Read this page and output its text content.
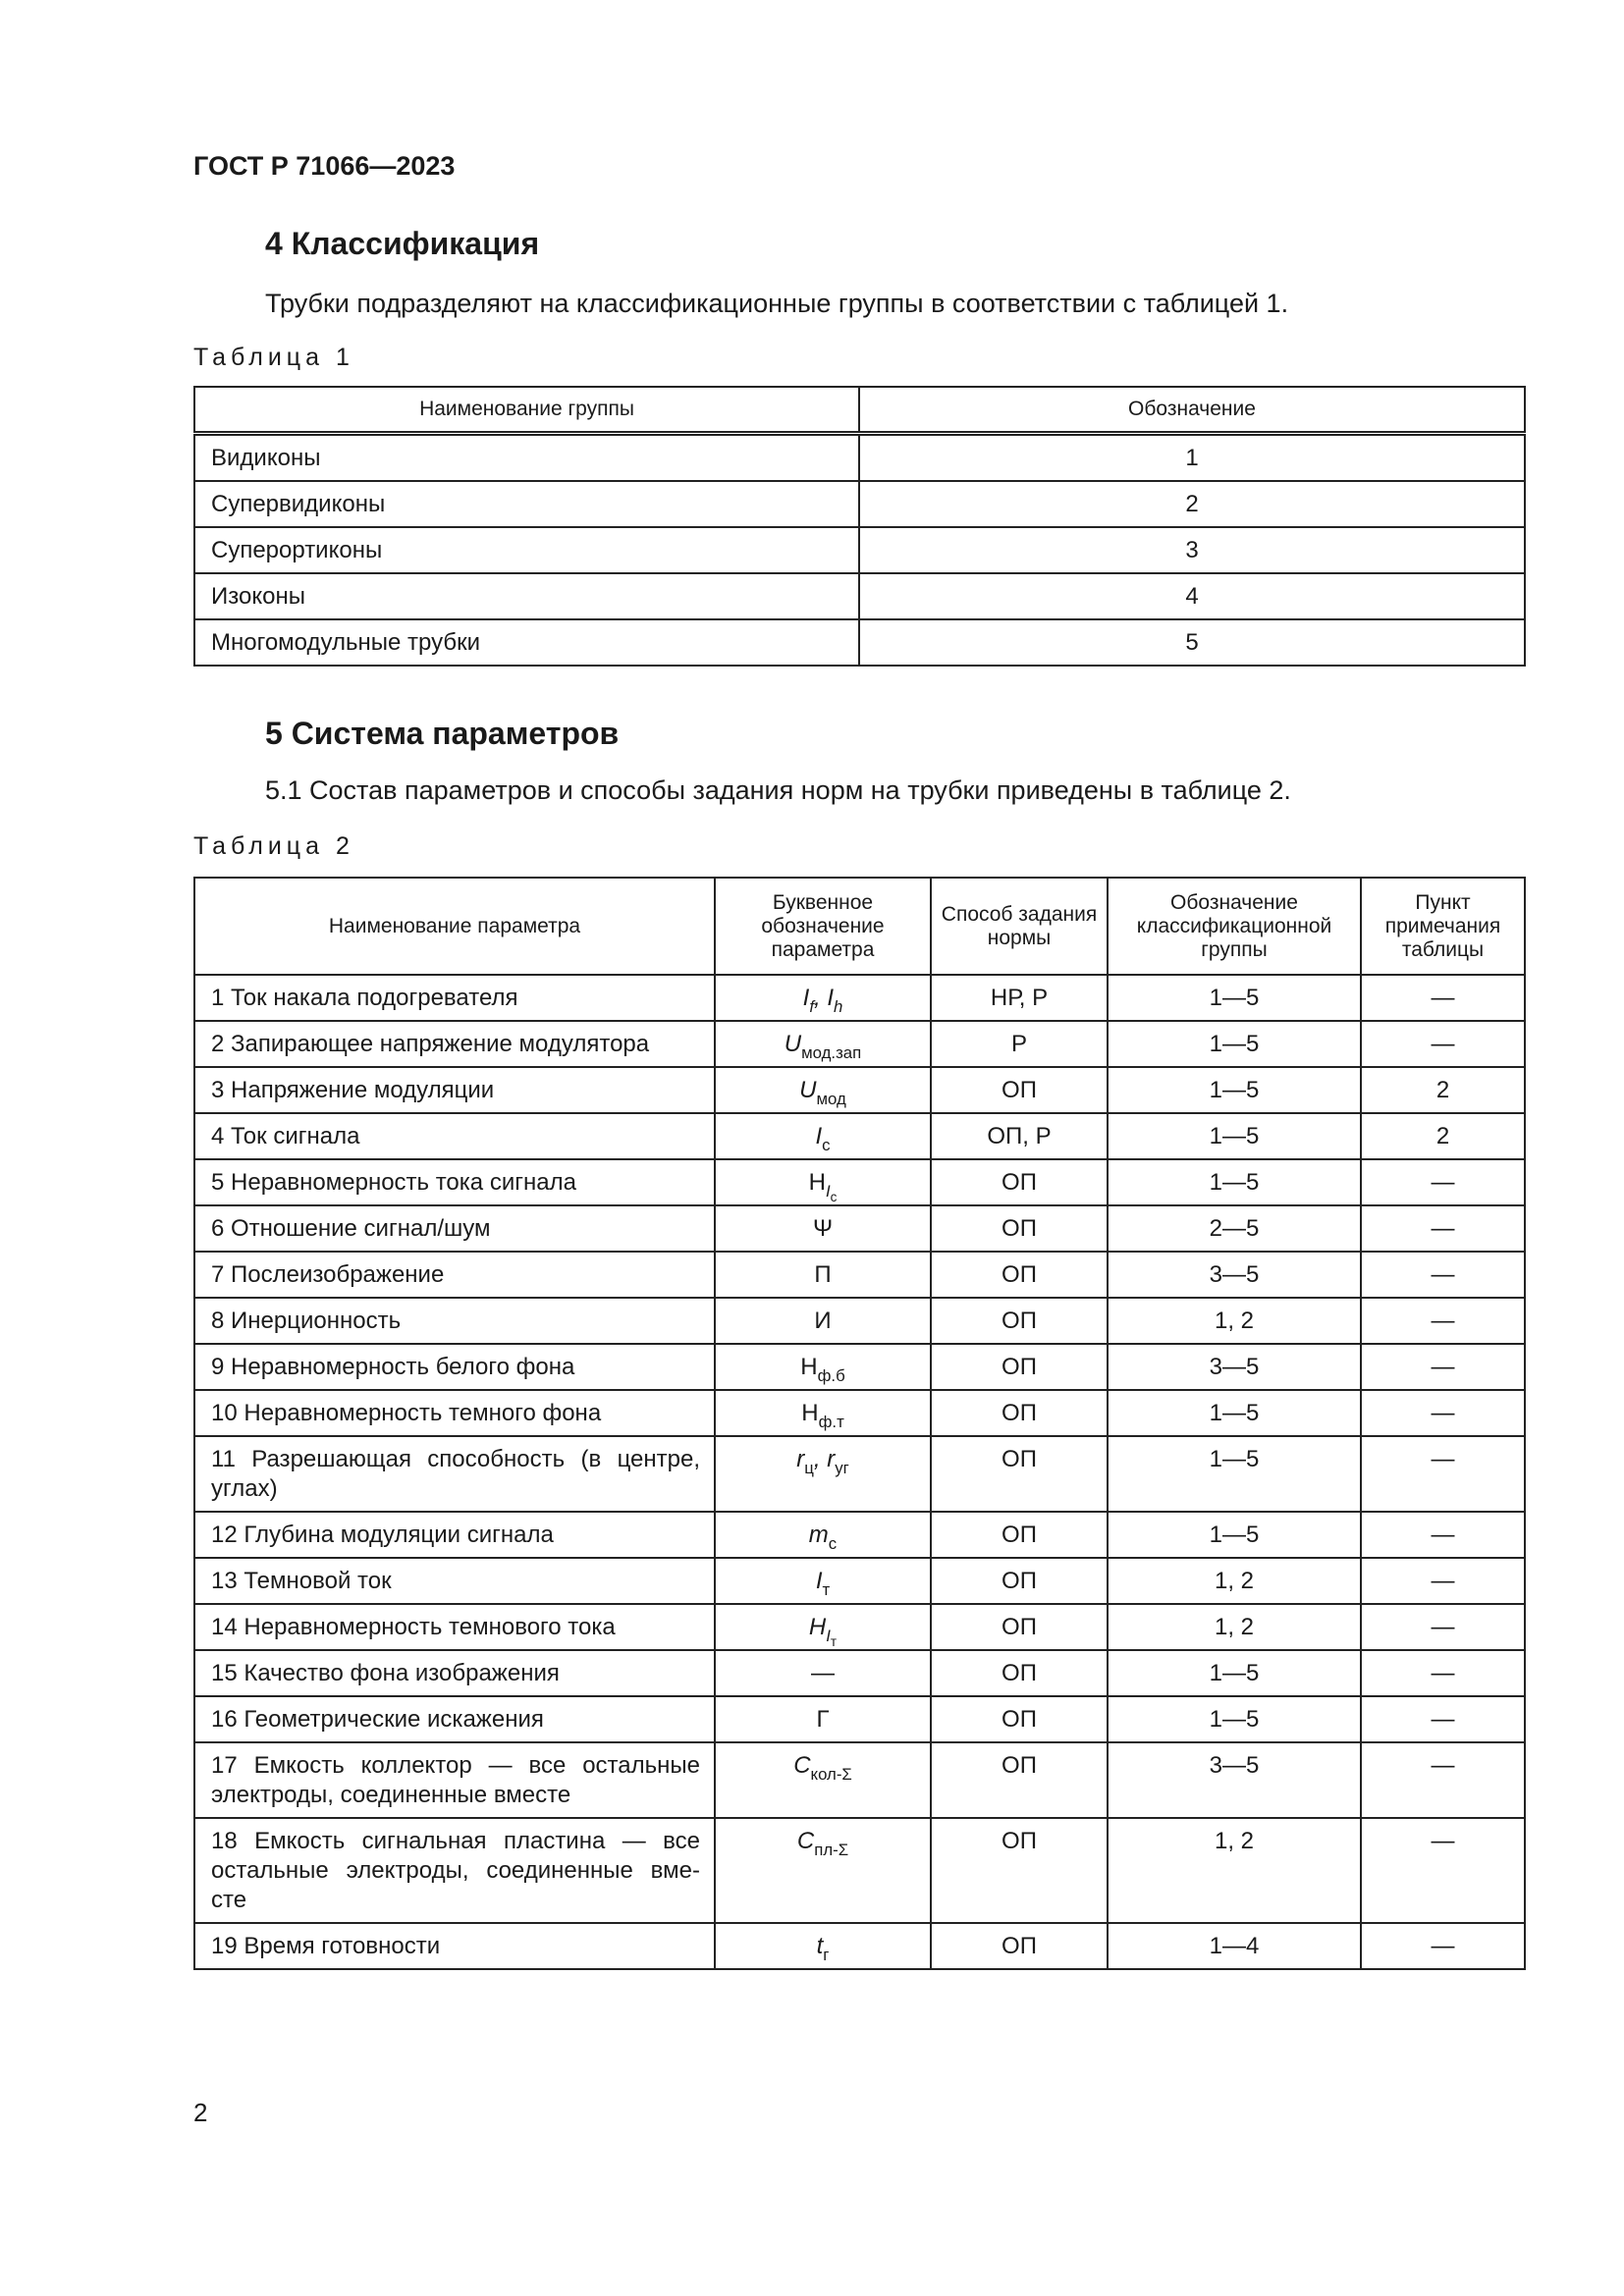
ГОСТ Р 71066—2023
4 Классификация
Трубки подразделяют на классификационные группы в соответствии с таблицей 1.
Таблица 1
Наименование группы	Обозначение
Видиконы	1
Супервидиконы	2
Суперортиконы	3
Изоконы	4
Многомодульные трубки	5
5 Система параметров
5.1 Состав параметров и способы задания норм на трубки приведены в таблице 2.
Таблица 2
Наименование параметра	Буквенное обозначение параметра	Способ задания нормы	Обозначение классификационной группы	Пункт примечания таблицы
1 Ток накала подогревателя	$I_f$, $I_h$	НР, Р	1—5	—
2 Запирающее напряжение модулятора	$U_{мод.зап}$	Р	1—5	—
3 Напряжение модуляции	$U_{мод}$	ОП	1—5	2
4 Ток сигнала	$I_с$	ОП, Р	1—5	2
5 Неравномерность тока сигнала	$Н_{I_с}$	ОП	1—5	—
6 Отношение сигнал/шум	Ψ	ОП	2—5	—
7 Послеизображение	П	ОП	3—5	—
8 Инерционность	И	ОП	1, 2	—
9 Неравномерность белого фона	$Н_{ф.б}$	ОП	3—5	—
10 Неравномерность темного фона	$Н_{ф.т}$	ОП	1—5	—
11 Разрешающая способность (в центре, углах)	$r_ц$, $r_{уг}$	ОП	1—5	—
12 Глубина модуляции сигнала	$m_с$	ОП	1—5	—
13 Темновой ток	$I_т$	ОП	1, 2	—
14 Неравномерность темнового тока	$H_{I_т}$	ОП	1, 2	—
15 Качество фона изображения	—	ОП	1—5	—
16 Геометрические искажения	Г	ОП	1—5	—
17 Емкость коллектор — все остальные электроды, соединенные вместе	$C_{кол-\Sigma}$	ОП	3—5	—
18 Емкость сигнальная пластина — все остальные электроды, соединенные вме-сте	$C_{пл-\Sigma}$	ОП	1, 2	—
19 Время готовности	$t_г$	ОП	1—4	—
2
